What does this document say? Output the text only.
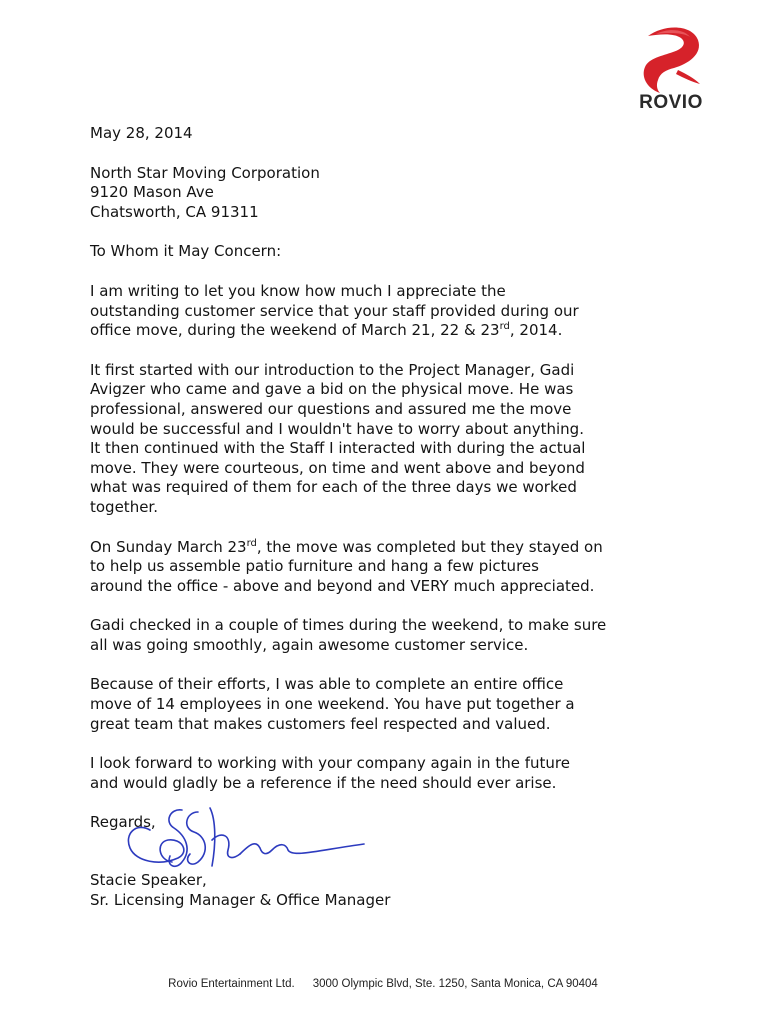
ROVIO
May 28, 2014
North Star Moving Corporation
9120 Mason Ave
Chatsworth, CA 91311
To Whom it May Concern:
I am writing to let you know how much I appreciate the
outstanding customer service that your staff provided during our
office move, during the weekend of March 21, 22 & 23rd, 2014.
It first started with our introduction to the Project Manager, Gadi
Avigzer who came and gave a bid on the physical move. He was
professional, answered our questions and assured me the move
would be successful and I wouldn't have to worry about anything.
It then continued with the Staff I interacted with during the actual
move. They were courteous, on time and went above and beyond
what was required of them for each of the three days we worked
together.
On Sunday March 23rd, the move was completed but they stayed on
to help us assemble patio furniture and hang a few pictures
around the office - above and beyond and VERY much appreciated.
Gadi checked in a couple of times during the weekend, to make sure
all was going smoothly, again awesome customer service.
Because of their efforts, I was able to complete an entire office
move of 14 employees in one weekend. You have put together a
great team that makes customers feel respected and valued.
I look forward to working with your company again in the future
and would gladly be a reference if the need should ever arise.
Regards,
Stacie Speaker,
Sr. Licensing Manager & Office Manager
Rovio Entertainment Ltd. 3000 Olympic Blvd, Ste. 1250, Santa Monica, CA 90404
